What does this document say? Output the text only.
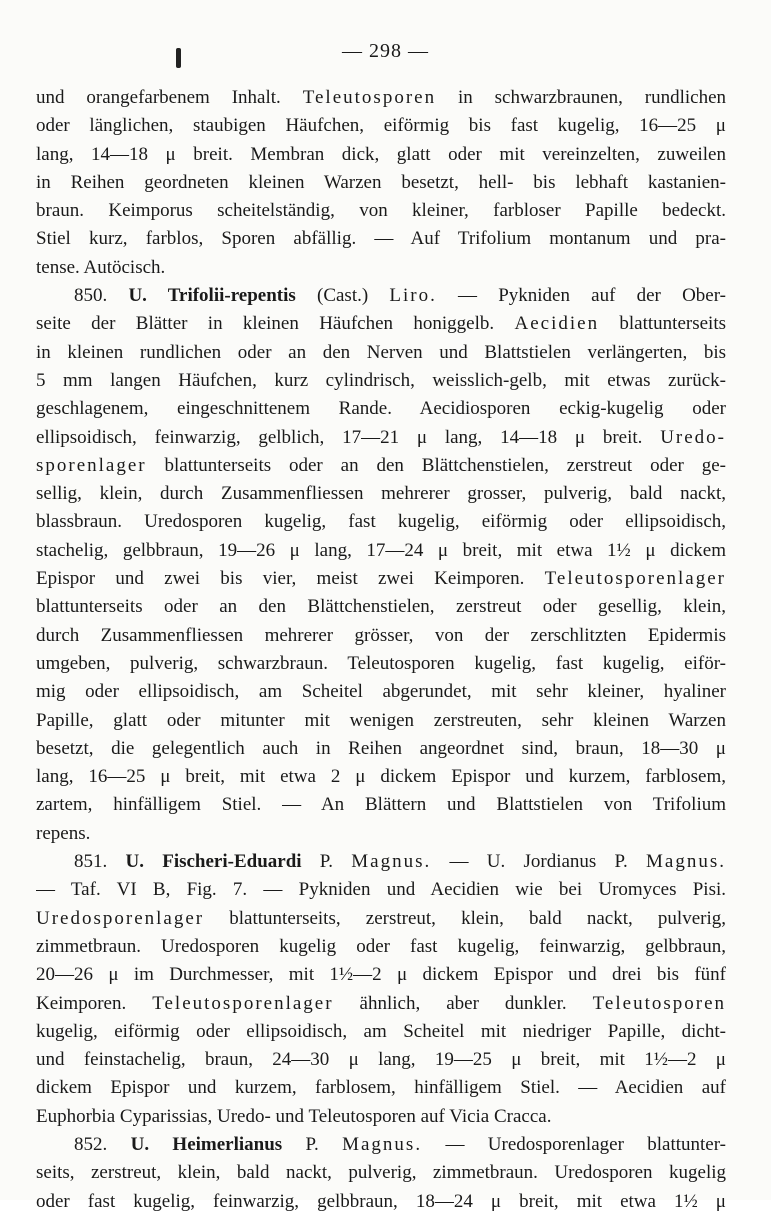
— 298 —
und orangefarbenem Inhalt. Teleutosporen in schwarzbraunen, rundlichen
oder länglichen, staubigen Häufchen, eiförmig bis fast kugelig, 16—25 μ
lang, 14—18 μ breit. Membran dick, glatt oder mit vereinzelten, zuweilen
in Reihen geordneten kleinen Warzen besetzt, hell- bis lebhaft kastanien-
braun. Keimporus scheitelständig, von kleiner, farbloser Papille bedeckt.
Stiel kurz, farblos, Sporen abfällig. — Auf Trifolium montanum und pra-
tense. Autöcisch.
850. U. Trifolii-repentis (Cast.) Liro. — Pykniden auf der Ober-
seite der Blätter in kleinen Häufchen honiggelb. Aecidien blattunterseits
in kleinen rundlichen oder an den Nerven und Blattstielen verlängerten, bis
5 mm langen Häufchen, kurz cylindrisch, weisslich-gelb, mit etwas zurück-
geschlagenem, eingeschnittenem Rande. Aecidiosporen eckig-kugelig oder
ellipsoidisch, feinwarzig, gelblich, 17—21 μ lang, 14—18 μ breit. Uredo-
sporenlager blattunterseits oder an den Blättchenstielen, zerstreut oder ge-
sellig, klein, durch Zusammenfliessen mehrerer grosser, pulverig, bald nackt,
blassbraun. Uredosporen kugelig, fast kugelig, eiförmig oder ellipsoidisch,
stachelig, gelbbraun, 19—26 μ lang, 17—24 μ breit, mit etwa 1½ μ dickem
Epispor und zwei bis vier, meist zwei Keimporen. Teleutosporenlager
blattunterseits oder an den Blättchenstielen, zerstreut oder gesellig, klein,
durch Zusammenfliessen mehrerer grösser, von der zerschlitzten Epidermis
umgeben, pulverig, schwarzbraun. Teleutosporen kugelig, fast kugelig, eiför-
mig oder ellipsoidisch, am Scheitel abgerundet, mit sehr kleiner, hyaliner
Papille, glatt oder mitunter mit wenigen zerstreuten, sehr kleinen Warzen
besetzt, die gelegentlich auch in Reihen angeordnet sind, braun, 18—30 μ
lang, 16—25 μ breit, mit etwa 2 μ dickem Epispor und kurzem, farblosem,
zartem, hinfälligem Stiel. — An Blättern und Blattstielen von Trifolium
repens.
851. U. Fischeri-Eduardi P. Magnus. — U. Jordianus P. Magnus.
— Taf. VI B, Fig. 7. — Pykniden und Aecidien wie bei Uromyces Pisi.
Uredosporenlager blattunterseits, zerstreut, klein, bald nackt, pulverig,
zimmetbraun. Uredosporen kugelig oder fast kugelig, feinwarzig, gelbbraun,
20—26 μ im Durchmesser, mit 1½—2 μ dickem Epispor und drei bis fünf
Keimporen. Teleutosporenlager ähnlich, aber dunkler. Teleutosporen
kugelig, eiförmig oder ellipsoidisch, am Scheitel mit niedriger Papille, dicht-
und feinstachelig, braun, 24—30 μ lang, 19—25 μ breit, mit 1½—2 μ
dickem Epispor und kurzem, farblosem, hinfälligem Stiel. — Aecidien auf
Euphorbia Cyparissias, Uredo- und Teleutosporen auf Vicia Cracca.
852. U. Heimerlianus P. Magnus. — Uredosporenlager blattunter-
seits, zerstreut, klein, bald nackt, pulverig, zimmetbraun. Uredosporen kugelig
oder fast kugelig, feinwarzig, gelbbraun, 18—24 μ breit, mit etwa 1½ μ
